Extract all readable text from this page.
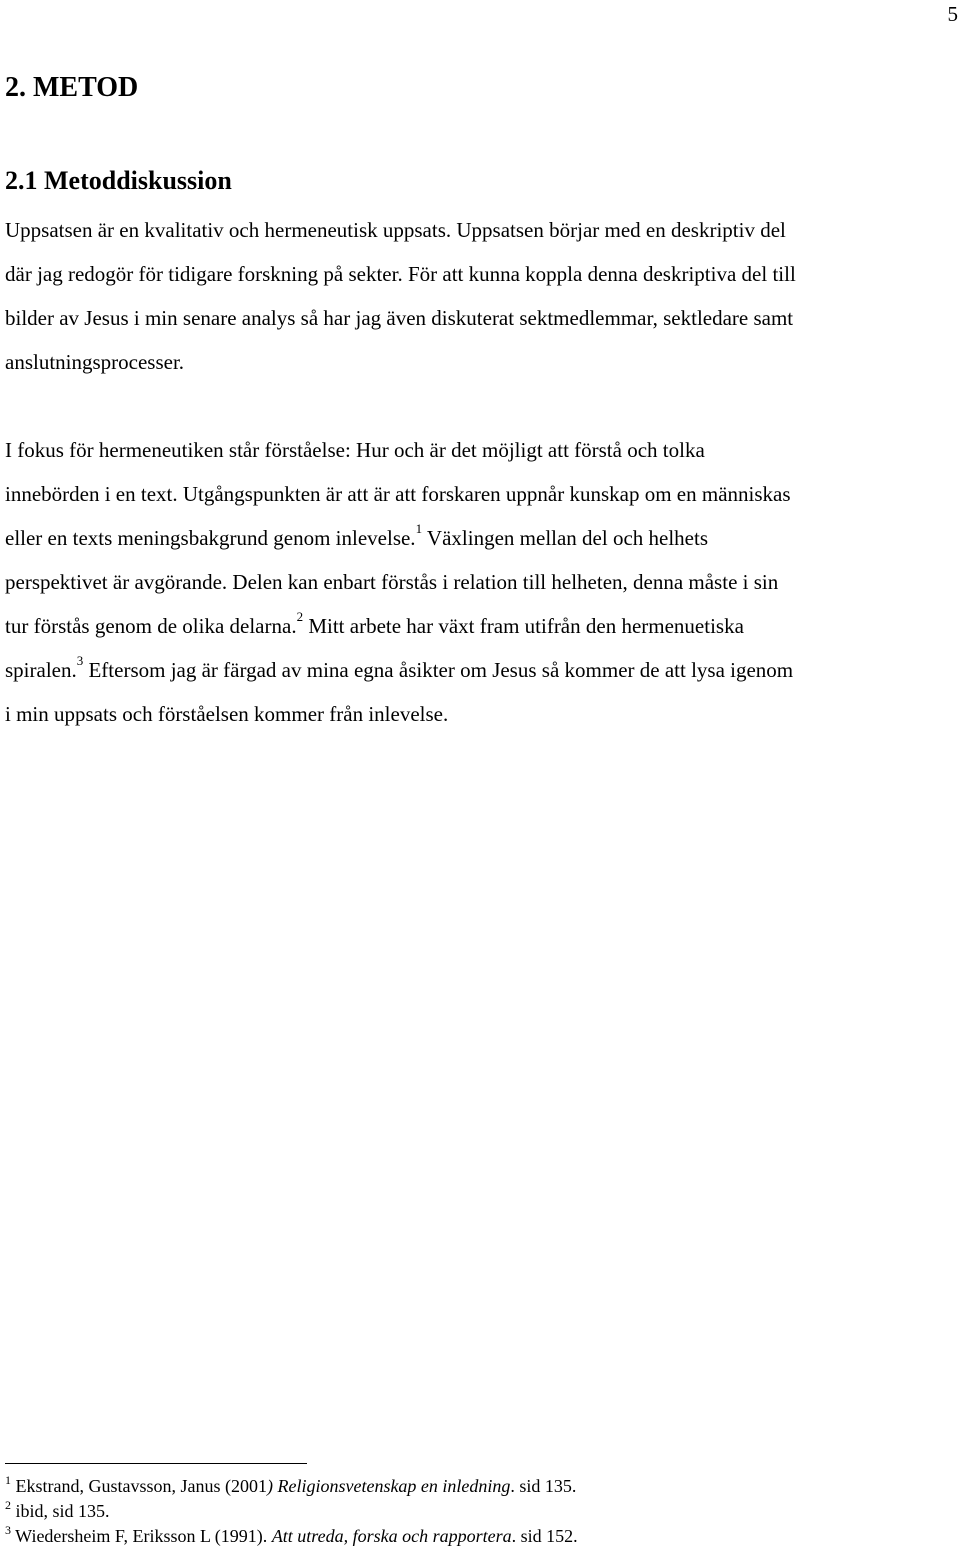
5
2. METOD
2.1 Metoddiskussion

Uppsatsen är en kvalitativ och hermeneutisk uppsats. Uppsatsen börjar med en deskriptiv del
där jag redogör för tidigare forskning på sekter. För att kunna koppla denna deskriptiva del till
bilder av Jesus i min senare analys så har jag även diskuterat sektmedlemmar, sektledare samt
anslutningsprocesser.

I fokus för hermeneutiken står förståelse: Hur och är det möjligt att förstå och tolka
innebörden i en text. Utgångspunkten är att är att forskaren uppnår kunskap om en människas
eller en texts meningsbakgrund genom inlevelse.$^1$ Växlingen mellan del och helhets
perspektivet är avgörande. Delen kan enbart förstås i relation till helheten, denna måste i sin
tur förstås genom de olika delarna.$^2$ Mitt arbete har växt fram utifrån den hermenuetiska
spiralen.$^3$ Eftersom jag är färgad av mina egna åsikter om Jesus så kommer de att lysa igenom
i min uppsats och förståelsen kommer från inlevelse.

$^1$ Ekstrand, Gustavsson, Janus (2001) Religionsvetenskap en inledning. sid 135.
$^2$ ibid, sid 135.
$^3$ Wiedersheim F, Eriksson L (1991). Att utreda, forska och rapportera. sid 152.
